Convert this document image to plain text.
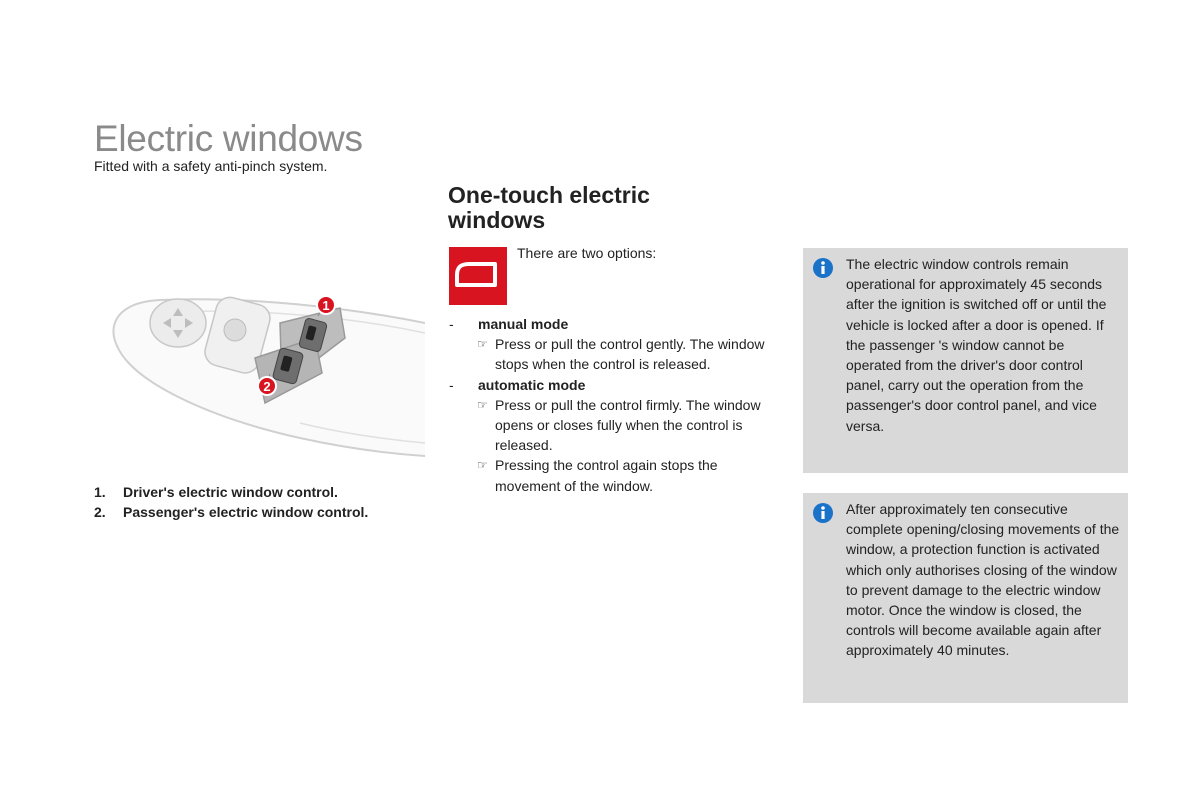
Electric windows
Fitted with a safety anti-pinch system.
1
2
1.	Driver's electric window control.
2.	Passenger's electric window control.
One-touch electric
windows
There are two options:
-	manual mode
☞ Press or pull the control gently. The window stops when the control is released.
-	automatic mode
☞ Press or pull the control firmly. The window opens or closes fully when the control is released.
☞ Pressing the control again stops the movement of the window.
The electric window controls remain operational for approximately 45 seconds after the ignition is switched off or until the vehicle is locked after a door is opened. If the passenger 's window cannot be operated from the driver's door control panel, carry out the operation from the passenger's door control panel, and vice versa.
After approximately ten consecutive complete opening/closing movements of the window, a protection function is activated which only authorises closing of the window to prevent damage to the electric window motor. Once the window is closed, the controls will become available again after approximately 40 minutes.
